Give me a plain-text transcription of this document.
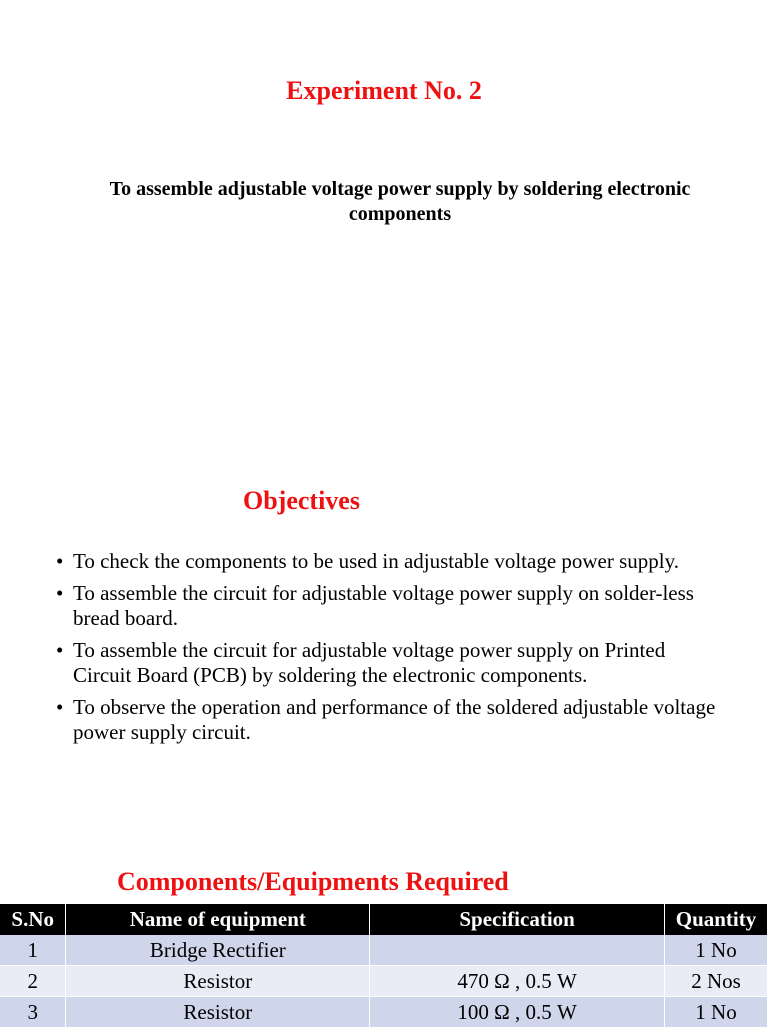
Experiment No. 2
To assemble adjustable voltage power supply by soldering electronic components
Objectives
• To check the components to be used in adjustable voltage power supply.
• To assemble the circuit for adjustable voltage power supply on solder-less bread board.
• To assemble the circuit for adjustable voltage power supply on Printed Circuit Board (PCB) by soldering the electronic components.
• To observe the operation and performance of the soldered adjustable voltage power supply circuit.
Components/Equipments Required
S.No	Name of equipment	Specification	Quantity
1	Bridge Rectifier		1 No
2	Resistor	470 Ω , 0.5 W	2 Nos
3	Resistor	100 Ω , 0.5 W	1 No
